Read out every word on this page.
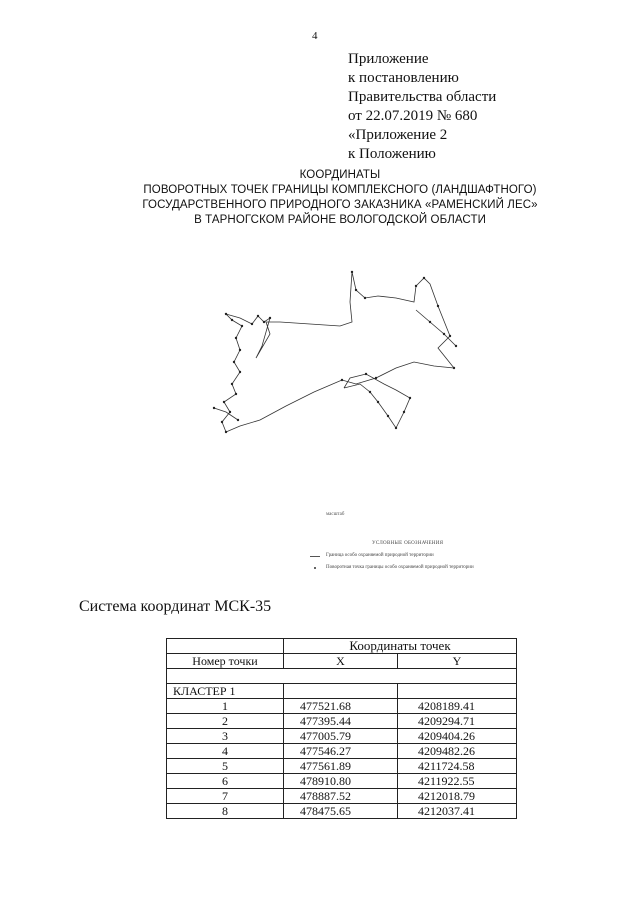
4
Приложение
к постановлению
Правительства области
от 22.07.2019 № 680
«Приложение 2
к Положению
КООРДИНАТЫ
ПОВОРОТНЫХ ТОЧЕК ГРАНИЦЫ КОМПЛЕКСНОГО (ЛАНДШАФТНОГО)
ГОСУДАРСТВЕННОГО ПРИРОДНОГО ЗАКАЗНИКА «РАМЕНСКИЙ ЛЕС»
В ТАРНОГСКОМ РАЙОНЕ ВОЛОГОДСКОЙ ОБЛАСТИ
масштаб
УСЛОВНЫЕ ОБОЗНАЧЕНИЯ
Граница особо охраняемой природной территории
Поворотная точка границы особо охраняемой природной территории
Система координат МСК-35
	Координаты точек	
Номер точки	X	Y

КЛАСТЕР 1		
1	477521.68	4208189.41
2	477395.44	4209294.71
3	477005.79	4209404.26
4	477546.27	4209482.26
5	477561.89	4211724.58
6	478910.80	4211922.55
7	478887.52	4212018.79
8	478475.65	4212037.41
